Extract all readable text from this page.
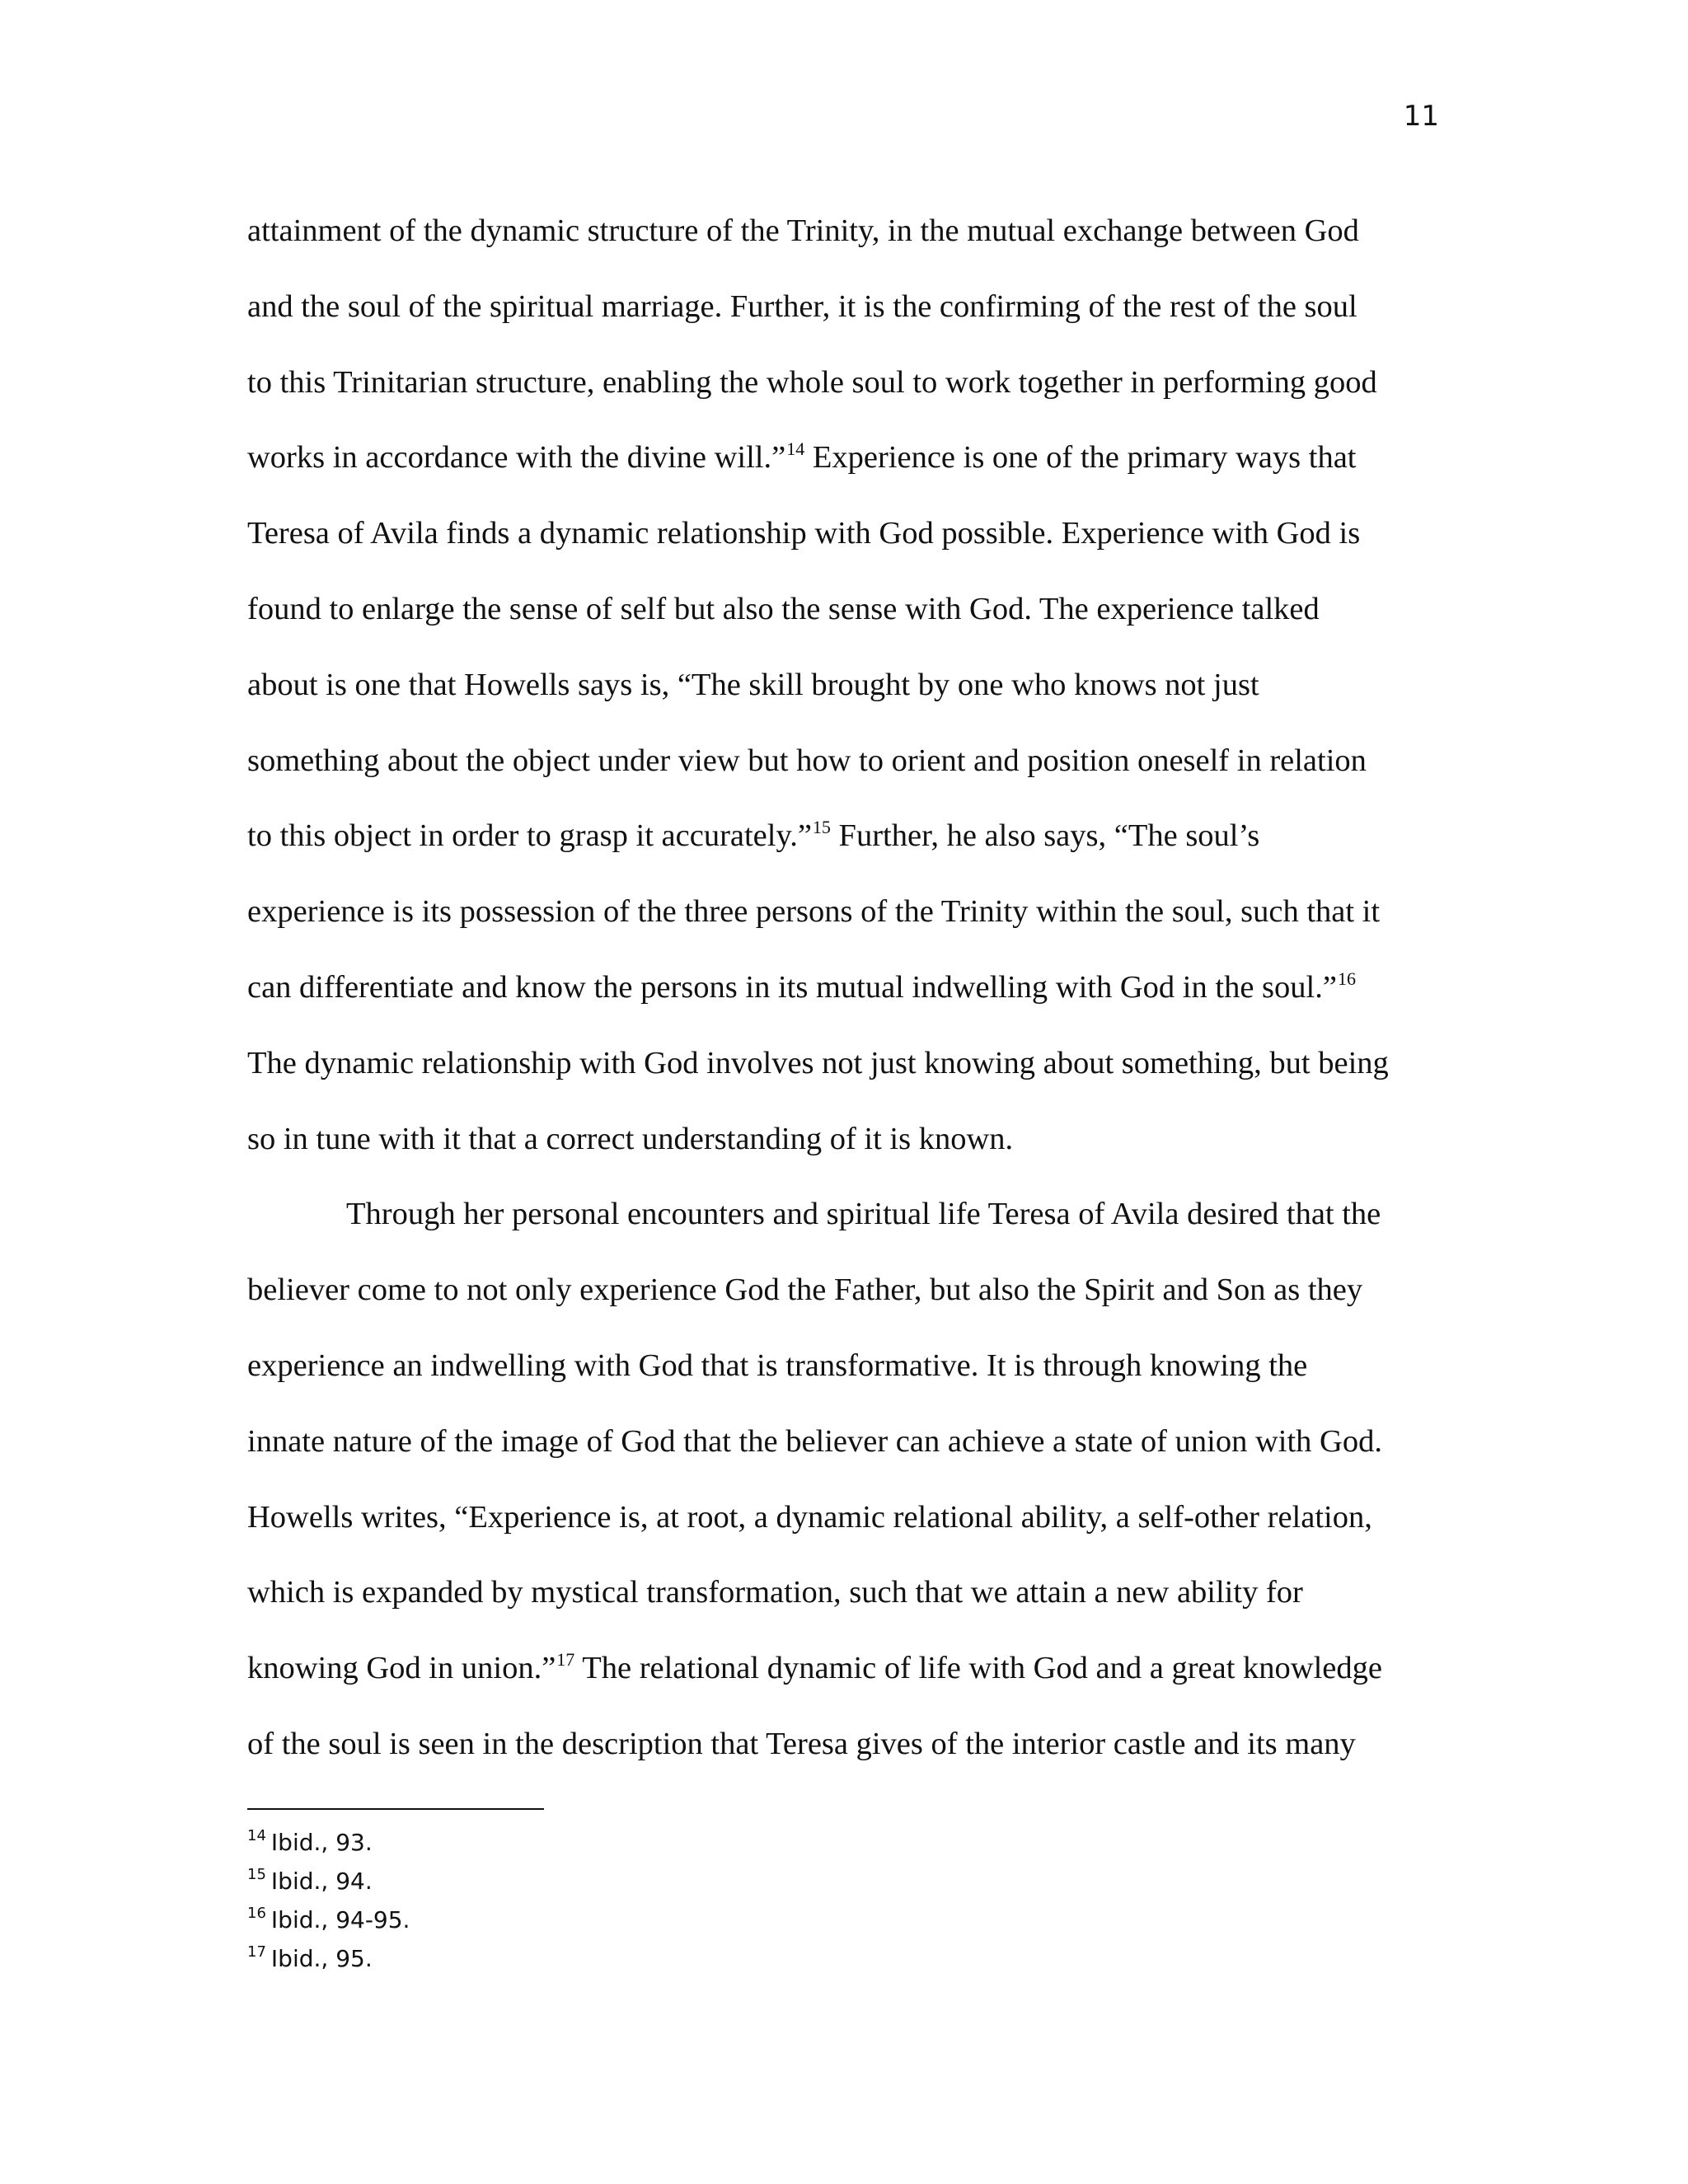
11
attainment of the dynamic structure of the Trinity, in the mutual exchange between God
and the soul of the spiritual marriage. Further, it is the confirming of the rest of the soul
to this Trinitarian structure, enabling the whole soul to work together in performing good
works in accordance with the divine will.”$^{14}$ Experience is one of the primary ways that
Teresa of Avila finds a dynamic relationship with God possible. Experience with God is
found to enlarge the sense of self but also the sense with God. The experience talked
about is one that Howells says is, “The skill brought by one who knows not just
something about the object under view but how to orient and position oneself in relation
to this object in order to grasp it accurately.”$^{15}$ Further, he also says, “The soul’s
experience is its possession of the three persons of the Trinity within the soul, such that it
can differentiate and know the persons in its mutual indwelling with God in the soul.”$^{16}$
The dynamic relationship with God involves not just knowing about something, but being
so in tune with it that a correct understanding of it is known.
Through her personal encounters and spiritual life Teresa of Avila desired that the
believer come to not only experience God the Father, but also the Spirit and Son as they
experience an indwelling with God that is transformative. It is through knowing the
innate nature of the image of God that the believer can achieve a state of union with God.
Howells writes, “Experience is, at root, a dynamic relational ability, a self-other relation,
which is expanded by mystical transformation, such that we attain a new ability for
knowing God in union.”$^{17}$ The relational dynamic of life with God and a great knowledge
of the soul is seen in the description that Teresa gives of the interior castle and its many
$^{14}$ Ibid., 93.
$^{15}$ Ibid., 94.
$^{16}$ Ibid., 94-95.
$^{17}$ Ibid., 95.
